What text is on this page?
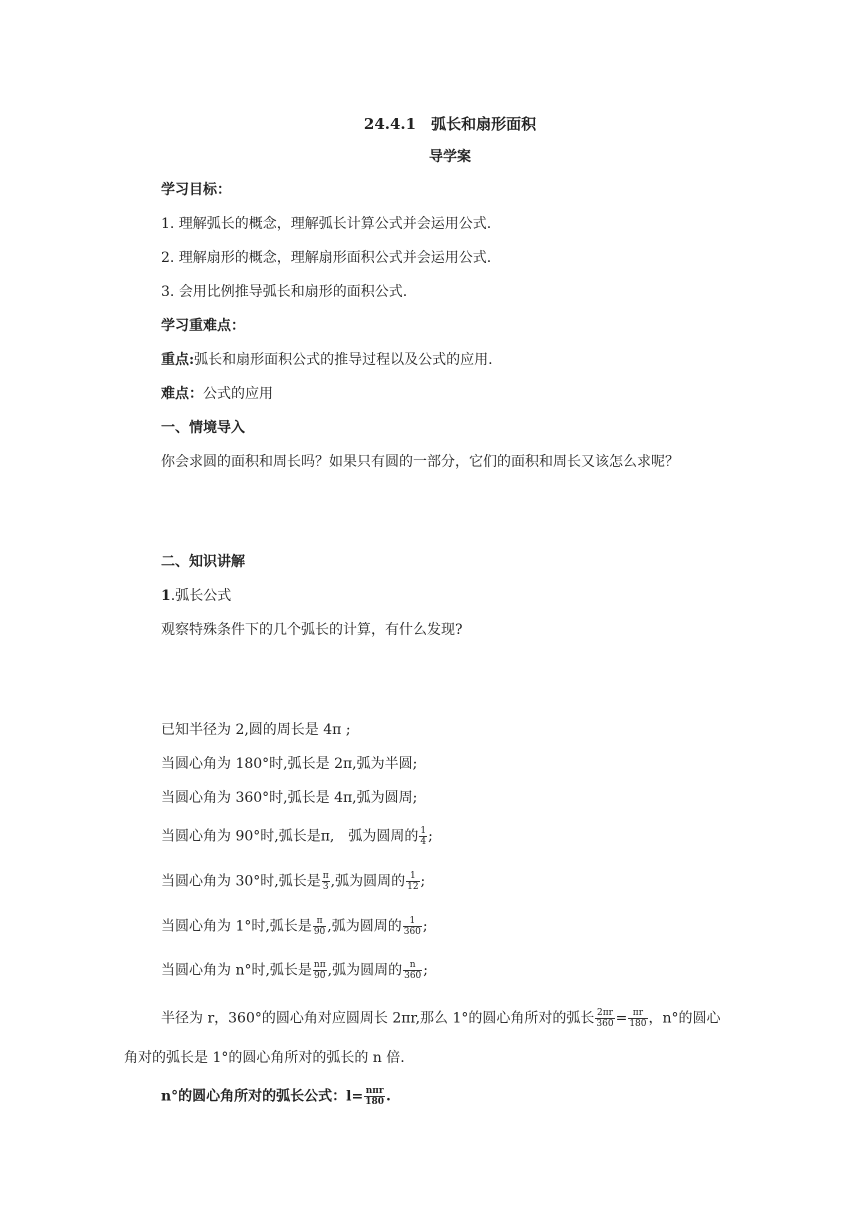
24.4.1　弧长和扇形面积
导学案
学习目标：
1. 理解弧长的概念，理解弧长计算公式并会运用公式.
2. 理解扇形的概念，理解扇形面积公式并会运用公式.
3. 会用比例推导弧长和扇形的面积公式.
学习重难点：
重点:弧长和扇形面积公式的推导过程以及公式的应用.
难点：公式的应用
一、情境导入
你会求圆的面积和周长吗？如果只有圆的一部分，它们的面积和周长又该怎么求呢？
二、知识讲解
1.弧长公式
观察特殊条件下的几个弧长的计算，有什么发现?
已知半径为 2,圆的周长是 4π ;
当圆心角为 180°时,弧长是 2π,弧为半圆;
当圆心角为 360°时,弧长是 4π,弧为圆周;
当圆心角为 90°时,弧长是π,　弧为圆周的 $\frac{1}{4}$ ;
当圆心角为 30°时,弧长是 $\frac{\pi}{3}$ ,弧为圆周的 $\frac{1}{12}$ ;
当圆心角为 1°时,弧长是 $\frac{\pi}{90}$ ,弧为圆周的 $\frac{1}{360}$ ;
当圆心角为 n°时,弧长是 $\frac{n\pi}{90}$ ,弧为圆周的 $\frac{n}{360}$ ;
半径为 r，360°的圆心角对应圆周长 2πr,那么 1°的圆心角所对的弧长 $\frac{2\pi r}{360} = \frac{\pi r}{180}$ ，n°的圆心
角对的弧长是 1°的圆心角所对的弧长的 n 倍.
n°的圆心角所对的弧长公式：$l= \frac{\text{nπr}}{180}$ .
